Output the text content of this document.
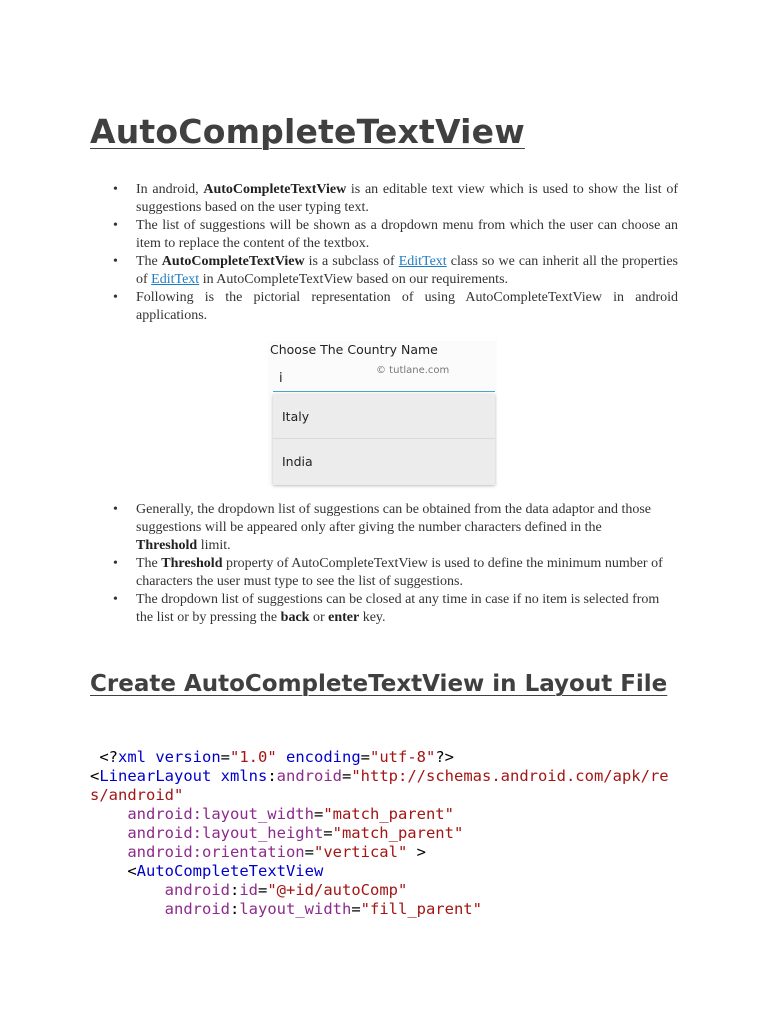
AutoCompleteTextView
• In android, AutoCompleteTextView is an editable text view which is used to show the list of suggestions based on the user typing text.
• The list of suggestions will be shown as a dropdown menu from which the user can choose an item to replace the content of the textbox.
• The AutoCompleteTextView is a subclass of EditText class so we can inherit all the properties of EditText in AutoCompleteTextView based on our requirements.
• Following is the pictorial representation of using AutoCompleteTextView in android applications.
Choose The Country Name
i
© tutlane.com
Italy
India
• Generally, the dropdown list of suggestions can be obtained from the data adaptor and those suggestions will be appeared only after giving the number characters defined in the Threshold limit.
• The Threshold property of AutoCompleteTextView is used to define the minimum number of characters the user must type to see the list of suggestions.
• The dropdown list of suggestions can be closed at any time in case if no item is selected from the list or by pressing the back or enter key.
Create AutoCompleteTextView in Layout File
<?xml version="1.0" encoding="utf-8"?>
<LinearLayout xmlns:android="http://schemas.android.com/apk/re
s/android"
android:layout_width="match_parent"
android:layout_height="match_parent"
android:orientation="vertical" >
<AutoCompleteTextView
android:id="@+id/autoComp"
android:layout_width="fill_parent"
